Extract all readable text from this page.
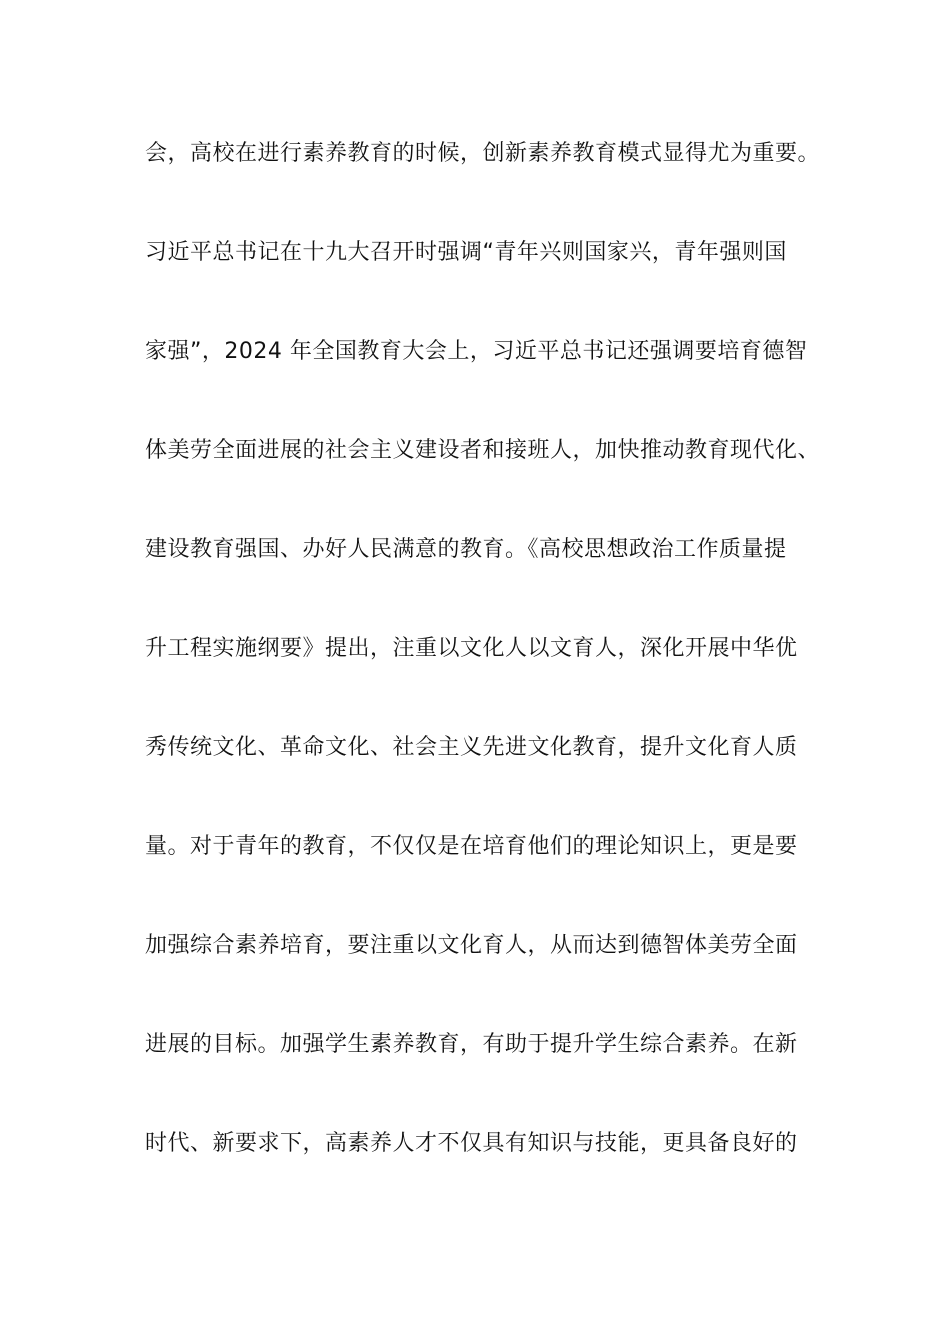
会，高校在进行素养教育的时候，创新素养教育模式显得尤为重要。
习近平总书记在十九大召开时强调“青年兴则国家兴，青年强则国
家强”，2024 年全国教育大会上，习近平总书记还强调要培育德智
体美劳全面进展的社会主义建设者和接班人，加快推动教育现代化、
建设教育强国、办好人民满意的教育。《高校思想政治工作质量提
升工程实施纲要》提出，注重以文化人以文育人，深化开展中华优
秀传统文化、革命文化、社会主义先进文化教育，提升文化育人质
量。对于青年的教育，不仅仅是在培育他们的理论知识上，更是要
加强综合素养培育，要注重以文化育人，从而达到德智体美劳全面
进展的目标。加强学生素养教育，有助于提升学生综合素养。在新
时代、新要求下，高素养人才不仅具有知识与技能，更具备良好的
